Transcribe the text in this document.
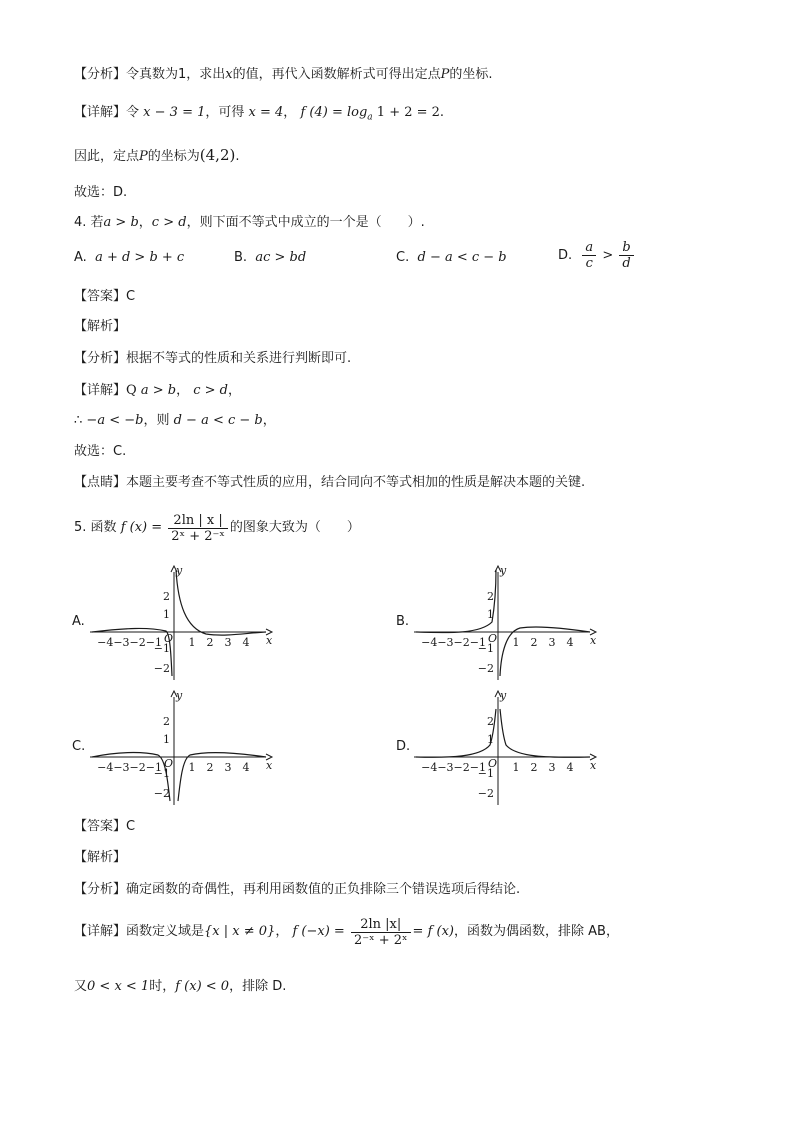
【分析】令真数为1，求出x的值，再代入函数解析式可得出定点P的坐标.
【详解】令 x − 3 = 1，可得 x = 4， f $(4) = \log_a 1 + 2 = 2$.
因此，定点P的坐标为(4,2).
故选：D.
4. 若a > b，c > d，则下面不等式中成立的一个是（　　）.
A. a + d > b + c	B. ac > bd	C. d − a < c − b	D. $\frac{a}{c} > \frac{b}{d}$
【答案】C
【解析】
【分析】根据不等式的性质和关系进行判断即可.
【详解】Q a > b， c > d，
∴ −a < −b，则 d − a < c − b，
故选：C.
【点睛】本题主要考查不等式性质的应用，结合同向不等式相加的性质是解决本题的关键.
5. 函数 f $(x) = \frac{2\ln | x |}{\text{2ˣ + 2⁻ˣ}}$ 的图象大致为（　　）
A.	B.
C.	D.
y
x
O 1 2 3 4
−4−3−2−1
2
1
−1
−2
y
x
O 1 2 3 4
−4−3−2−1
2
1
−1
−2
y
x
O 1 2 3 4
−4−3−2−1
2
1
−1
−2
y
x
O 1 2 3 4
−4−3−2−1
2
1
−1
−2
【答案】C
【解析】
【分析】确定函数的奇偶性，再利用函数值的正负排除三个错误选项后得结论.
【详解】函数定义域是{x | x ≠ 0}， f $(-x) = \frac{2\ln |x|}{\text{2⁻ˣ + 2ˣ}} = f$ (x)，函数为偶函数，排除 AB，
又0 < x < 1时，f (x) < 0，排除 D.
